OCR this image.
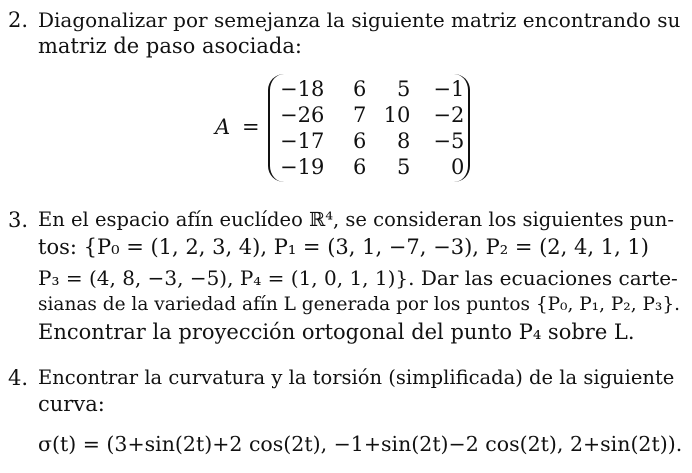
2. Diagonalizar por semejanza la siguiente matriz encontrando su
matriz de paso asociada:
A =
−18	6	5	−1
−26	7	10	−2
−17	6	8	−5
−19	6	5	0
3. En el espacio afín euclídeo ℝ⁴, se consideran los siguientes pun-
tos: {P₀ = (1, 2, 3, 4), P₁ = (3, 1, −7, −3), P₂ = (2, 4, 1, 1)
P₃ = (4, 8, −3, −5), P₄ = (1, 0, 1, 1)}. Dar las ecuaciones carte-
sianas de la variedad afín L generada por los puntos {P₀, P₁, P₂, P₃}.
Encontrar la proyección ortogonal del punto P₄ sobre L.
4. Encontrar la curvatura y la torsión (simplificada) de la siguiente
curva:
σ(t) = (3+sin(2t)+2 cos(2t), −1+sin(2t)−2 cos(2t), 2+sin(2t)).
